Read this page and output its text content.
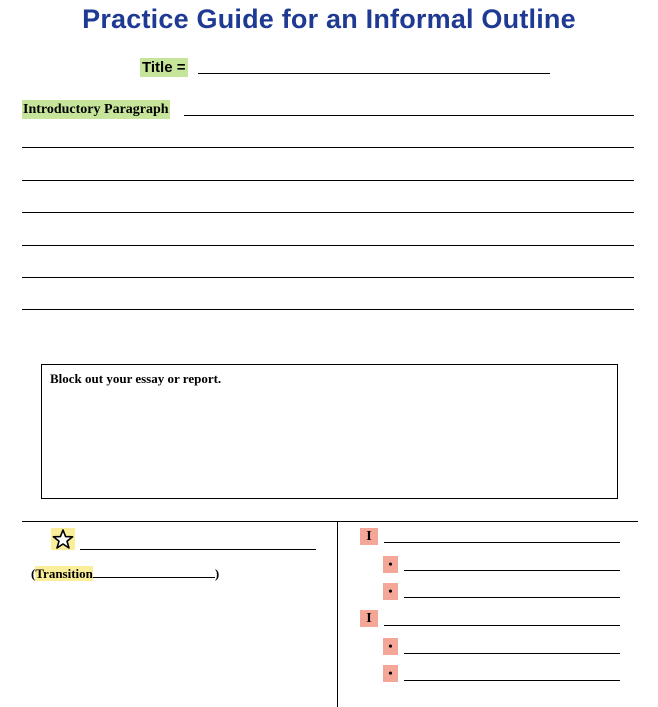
Practice Guide for an Informal Outline
Title =
Introductory Paragraph
Block out your essay or report.
(Transition	)
I
•
•
I
•
•
